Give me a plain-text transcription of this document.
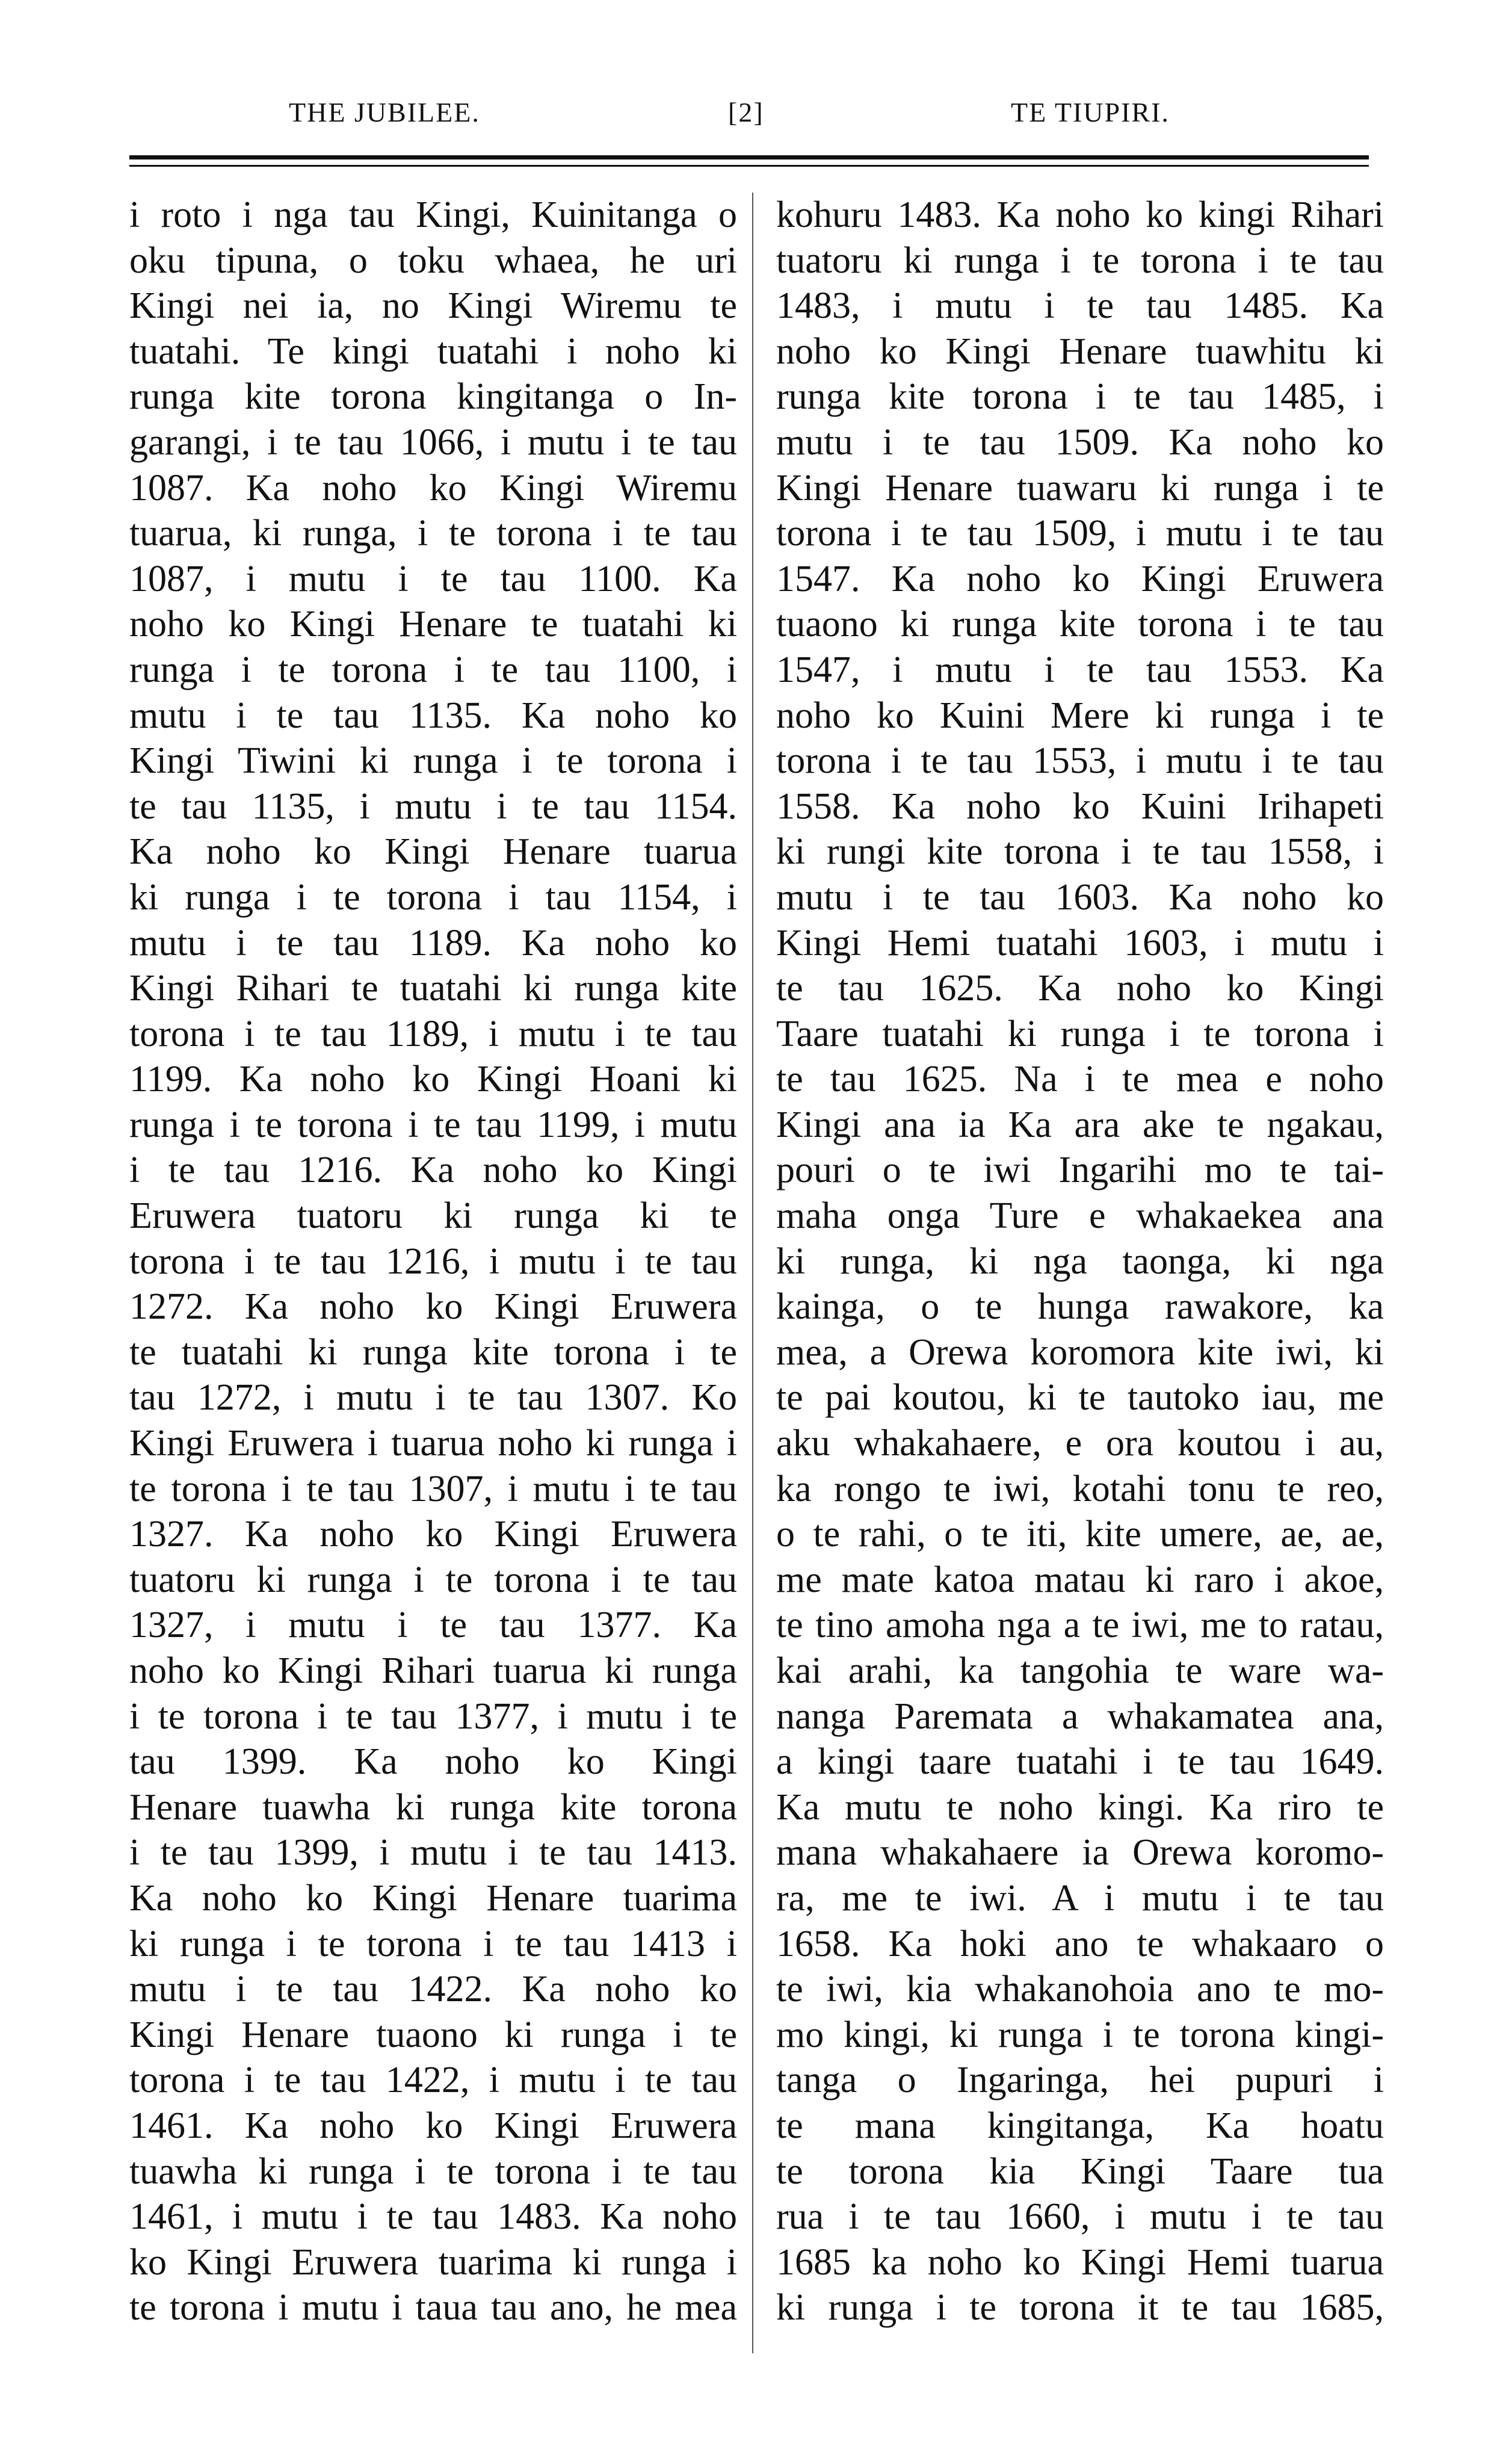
THE JUBILEE.	[2]	TE TIUPIRI.
i roto i nga tau Kingi, Kuinitanga o
oku tipuna, o toku whaea, he uri
Kingi nei ia, no Kingi Wiremu te
tuatahi. Te kingi tuatahi i noho ki
runga kite torona kingitanga o In-
garangi, i te tau 1066, i mutu i te tau
1087. Ka noho ko Kingi Wiremu
tuarua, ki runga, i te torona i te tau
1087, i mutu i te tau 1100. Ka
noho ko Kingi Henare te tuatahi ki
runga i te torona i te tau 1100, i
mutu i te tau 1135. Ka noho ko
Kingi Tiwini ki runga i te torona i
te tau 1135, i mutu i te tau 1154.
Ka noho ko Kingi Henare tuarua
ki runga i te torona i tau 1154, i
mutu i te tau 1189. Ka noho ko
Kingi Rihari te tuatahi ki runga kite
torona i te tau 1189, i mutu i te tau
1199. Ka noho ko Kingi Hoani ki
runga i te torona i te tau 1199, i mutu
i te tau 1216. Ka noho ko Kingi
Eruwera tuatoru ki runga ki te
torona i te tau 1216, i mutu i te tau
1272. Ka noho ko Kingi Eruwera
te tuatahi ki runga kite torona i te
tau 1272, i mutu i te tau 1307. Ko
Kingi Eruwera i tuarua noho ki runga i
te torona i te tau 1307, i mutu i te tau
1327. Ka noho ko Kingi Eruwera
tuatoru ki runga i te torona i te tau
1327, i mutu i te tau 1377. Ka
noho ko Kingi Rihari tuarua ki runga
i te torona i te tau 1377, i mutu i te
tau 1399. Ka noho ko Kingi
Henare tuawha ki runga kite torona
i te tau 1399, i mutu i te tau 1413.
Ka noho ko Kingi Henare tuarima
ki runga i te torona i te tau 1413 i
mutu i te tau 1422. Ka noho ko
Kingi Henare tuaono ki runga i te
torona i te tau 1422, i mutu i te tau
1461. Ka noho ko Kingi Eruwera
tuawha ki runga i te torona i te tau
1461, i mutu i te tau 1483. Ka noho
ko Kingi Eruwera tuarima ki runga i
te torona i mutu i taua tau ano, he mea
kohuru 1483. Ka noho ko kingi Rihari
tuatoru ki runga i te torona i te tau
1483, i mutu i te tau 1485. Ka
noho ko Kingi Henare tuawhitu ki
runga kite torona i te tau 1485, i
mutu i te tau 1509. Ka noho ko
Kingi Henare tuawaru ki runga i te
torona i te tau 1509, i mutu i te tau
1547. Ka noho ko Kingi Eruwera
tuaono ki runga kite torona i te tau
1547, i mutu i te tau 1553. Ka
noho ko Kuini Mere ki runga i te
torona i te tau 1553, i mutu i te tau
1558. Ka noho ko Kuini Irihapeti
ki rungi kite torona i te tau 1558, i
mutu i te tau 1603. Ka noho ko
Kingi Hemi tuatahi 1603, i mutu i
te tau 1625. Ka noho ko Kingi
Taare tuatahi ki runga i te torona i
te tau 1625. Na i te mea e noho
Kingi ana ia Ka ara ake te ngakau,
pouri o te iwi Ingarihi mo te tai-
maha onga Ture e whakaekea ana
ki runga, ki nga taonga, ki nga
kainga, o te hunga rawakore, ka
mea, a Orewa koromora kite iwi, ki
te pai koutou, ki te tautoko iau, me
aku whakahaere, e ora koutou i au,
ka rongo te iwi, kotahi tonu te reo,
o te rahi, o te iti, kite umere, ae, ae,
me mate katoa matau ki raro i akoe,
te tino amoha nga a te iwi, me to ratau,
kai arahi, ka tangohia te ware wa-
nanga Paremata a whakamatea ana,
a kingi taare tuatahi i te tau 1649.
Ka mutu te noho kingi. Ka riro te
mana whakahaere ia Orewa koromo-
ra, me te iwi. A i mutu i te tau
1658. Ka hoki ano te whakaaro o
te iwi, kia whakanohoia ano te mo-
mo kingi, ki runga i te torona kingi-
tanga o Ingaringa, hei pupuri i
te mana kingitanga, Ka hoatu
te torona kia Kingi Taare tua
rua i te tau 1660, i mutu i te tau
1685 ka noho ko Kingi Hemi tuarua
ki runga i te torona it te tau 1685,
